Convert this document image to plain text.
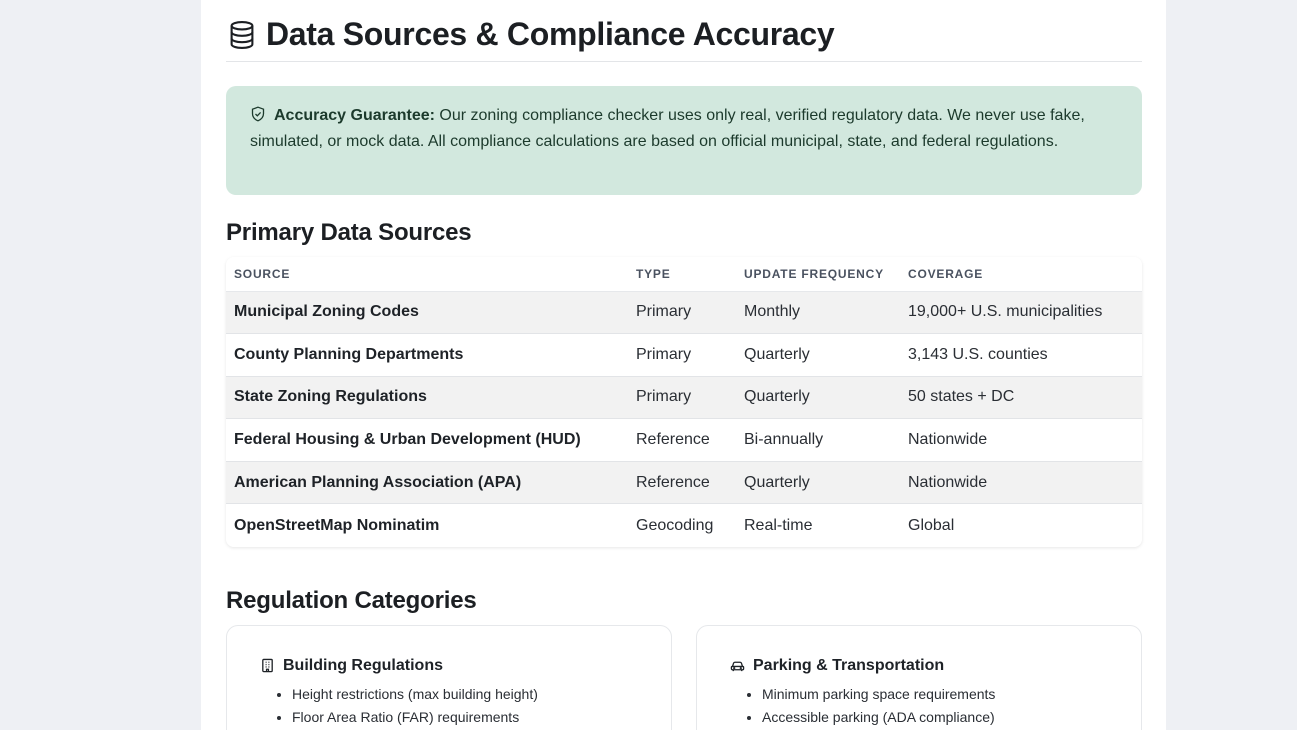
Data Sources & Compliance Accuracy
Accuracy Guarantee: Our zoning compliance checker uses only real, verified regulatory data. We never use fake, simulated, or mock data. All compliance calculations are based on official municipal, state, and federal regulations.
Primary Data Sources
SOURCE	TYPE	UPDATE FREQUENCY	COVERAGE
Municipal Zoning Codes	Primary	Monthly	19,000+ U.S. municipalities
County Planning Departments	Primary	Quarterly	3,143 U.S. counties
State Zoning Regulations	Primary	Quarterly	50 states + DC
Federal Housing & Urban Development (HUD)	Reference	Bi-annually	Nationwide
American Planning Association (APA)	Reference	Quarterly	Nationwide
OpenStreetMap Nominatim	Geocoding	Real-time	Global
Regulation Categories
Building Regulations
• Height restrictions (max building height)
• Floor Area Ratio (FAR) requirements
Parking & Transportation
• Minimum parking space requirements
• Accessible parking (ADA compliance)
